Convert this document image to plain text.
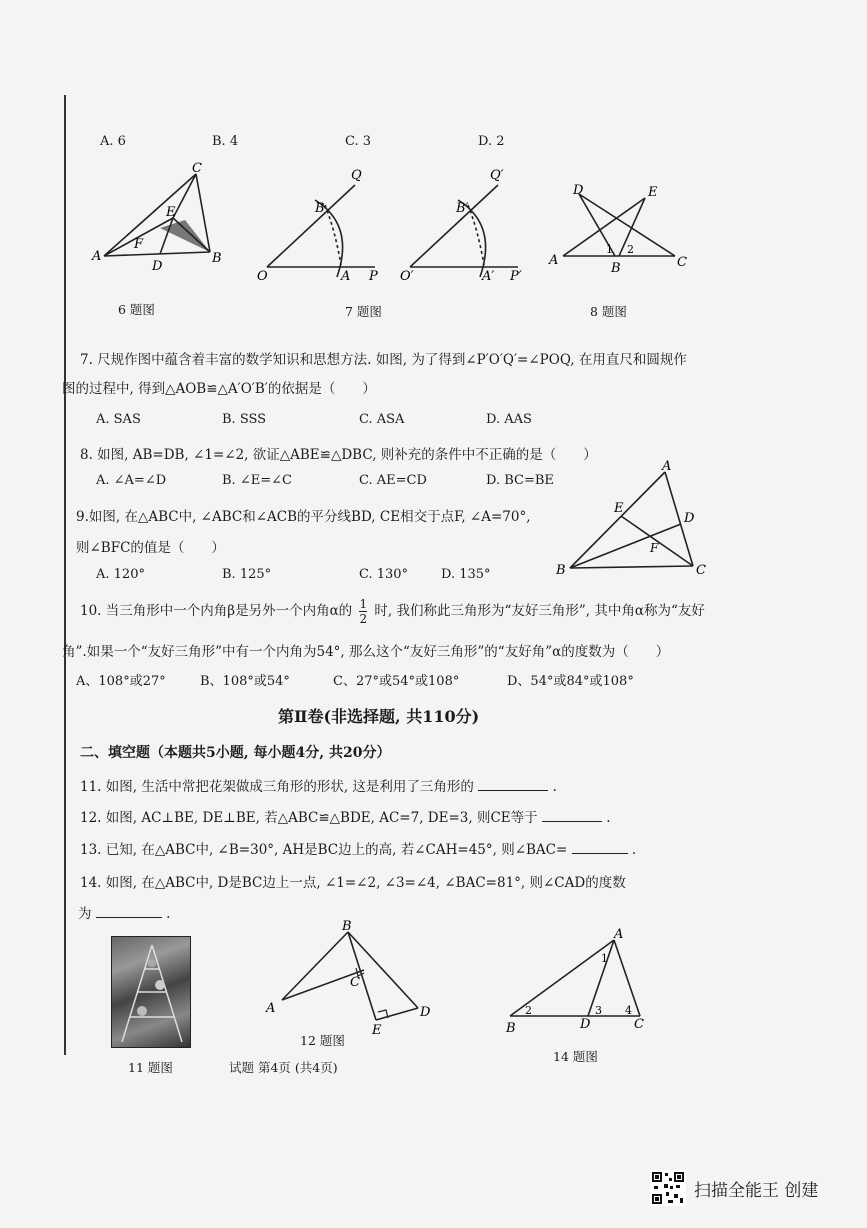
A. 6	B. 4	C. 3	D. 2
A	B
C
D
E
F
6 题图
O	A P
B
Q
7 题图
O′	A′ P′
B′
Q′
A
B	C
D	E
1 2
8 题图
7. 尺规作图中蕴含着丰富的数学知识和思想方法. 如图, 为了得到∠P′O′Q′=∠POQ, 在用直尺和圆规作
图的过程中, 得到△AOB≌△A′O′B′的依据是（　　）
A. SAS	B. SSS	C. ASA	D. AAS
8. 如图, AB=DB, ∠1=∠2, 欲证△ABE≌△DBC, 则补充的条件中不正确的是（　　）
A. ∠A=∠D	B. ∠E=∠C	C. AE=CD	D. BC=BE
9.如图, 在△ABC中, ∠ABC和∠ACB的平分线BD, CE相交于点F, ∠A=70°,
则∠BFC的值是（　　）
A. 120°	B. 125°	C. 130°	D. 135°
A
B	C
D
E
F
10. 当三角形中一个内角β是另外一个内角α的 $\frac{1}{2}$ 时, 我们称此三角形为“友好三角形”, 其中角α称为“友好
角”.如果一个“友好三角形”中有一个内角为54°, 那么这个“友好三角形”的“友好角”α的度数为（　　）
A、108°或27°	B、108°或54°	C、27°或54°或108°	D、54°或84°或108°
第Ⅱ卷(非选择题, 共110分)
二、填空题（本题共5小题, 每小题4分, 共20分）
11. 如图, 生活中常把花架做成三角形的形状, 这是利用了三角形的	.
12. 如图, AC⊥BE, DE⊥BE, 若△ABC≌△BDE, AC=7, DE=3, 则CE等于	.
13. 已知, 在△ABC中, ∠B=30°, AH是BC边上的高, 若∠CAH=45°, 则∠BAC=	.
14. 如图, 在△ABC中, D是BC边上一点, ∠1=∠2, ∠3=∠4, ∠BAC=81°, 则∠CAD的度数
为	.
11 题图
A
B
C
D
E
12 题图
A
B	C
D
1
2	3 4
14 题图
试题 第4页 (共4页)
扫描全能王 创建
